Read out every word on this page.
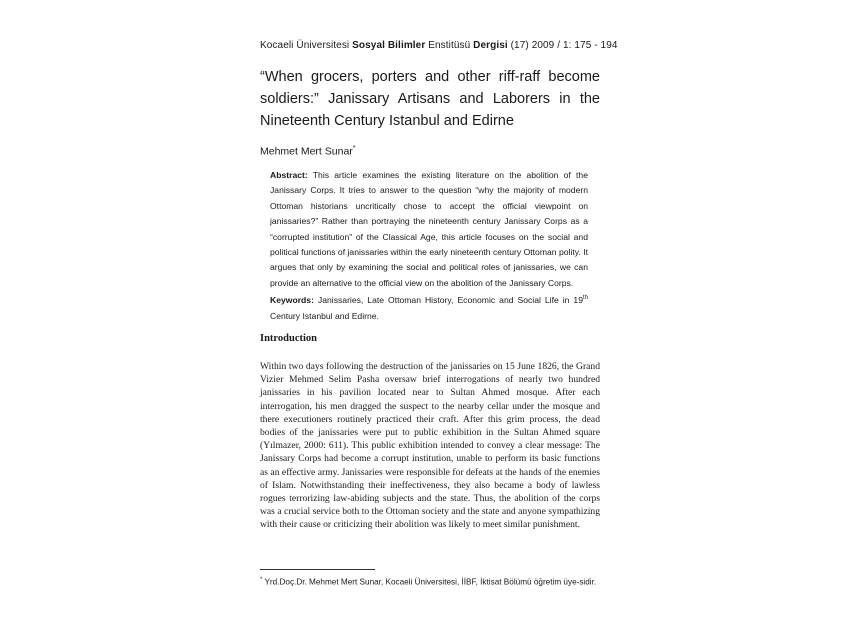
Kocaeli Üniversitesi Sosyal Bilimler Enstitüsü Dergisi (17) 2009 / 1: 175 - 194
“When grocers, porters and other riff-raff become soldiers:” Janissary Artisans and Laborers in the Nineteenth Century Istanbul and Edirne
Mehmet Mert Sunar*

Abstract: This article examines the existing literature on the abolition of the Janissary Corps. It tries to answer to the question “why the majority of modern Ottoman historians uncritically chose to accept the official viewpoint on janissaries?” Rather than portraying the nineteenth century Janissary Corps as a “corrupted institution” of the Classical Age, this article focuses on the social and political functions of janissaries within the early nineteenth century Ottoman polity. It argues that only by examining the social and political roles of janissaries, we can provide an alternative to the official view on the abolition of the Janissary Corps.

Keywords: Janissaries, Late Ottoman History, Economic and Social Life in 19th Century Istanbul and Edirne.

Introduction

Within two days following the destruction of the janissaries on 15 June 1826, the Grand Vizier Mehmed Selim Pasha oversaw brief interrogations of nearly two hundred janissaries in his pavilion located near to Sultan Ahmed mosque. After each interrogation, his men dragged the suspect to the nearby cellar under the mosque and there executioners routinely practiced their craft. After this grim process, the dead bodies of the janissaries were put to public exhibition in the Sultan Ahmed square (Yılmazer, 2000: 611). This public exhibition intended to convey a clear message: The Janissary Corps had become a corrupt institution, unable to perform its basic functions as an effective army. Janissaries were responsible for defeats at the hands of the enemies of Islam. Notwithstanding their ineffectiveness, they also became a body of lawless rogues terrorizing law-abiding subjects and the state. Thus, the abolition of the corps was a crucial service both to the Ottoman society and the state and anyone sympathizing with their cause or criticizing their abolition was likely to meet similar punishment.

* Yrd.Doç.Dr. Mehmet Mert Sunar, Kocaeli Üniversitesi, İİBF, İktisat Bölümü öğretim üye-sidir.
